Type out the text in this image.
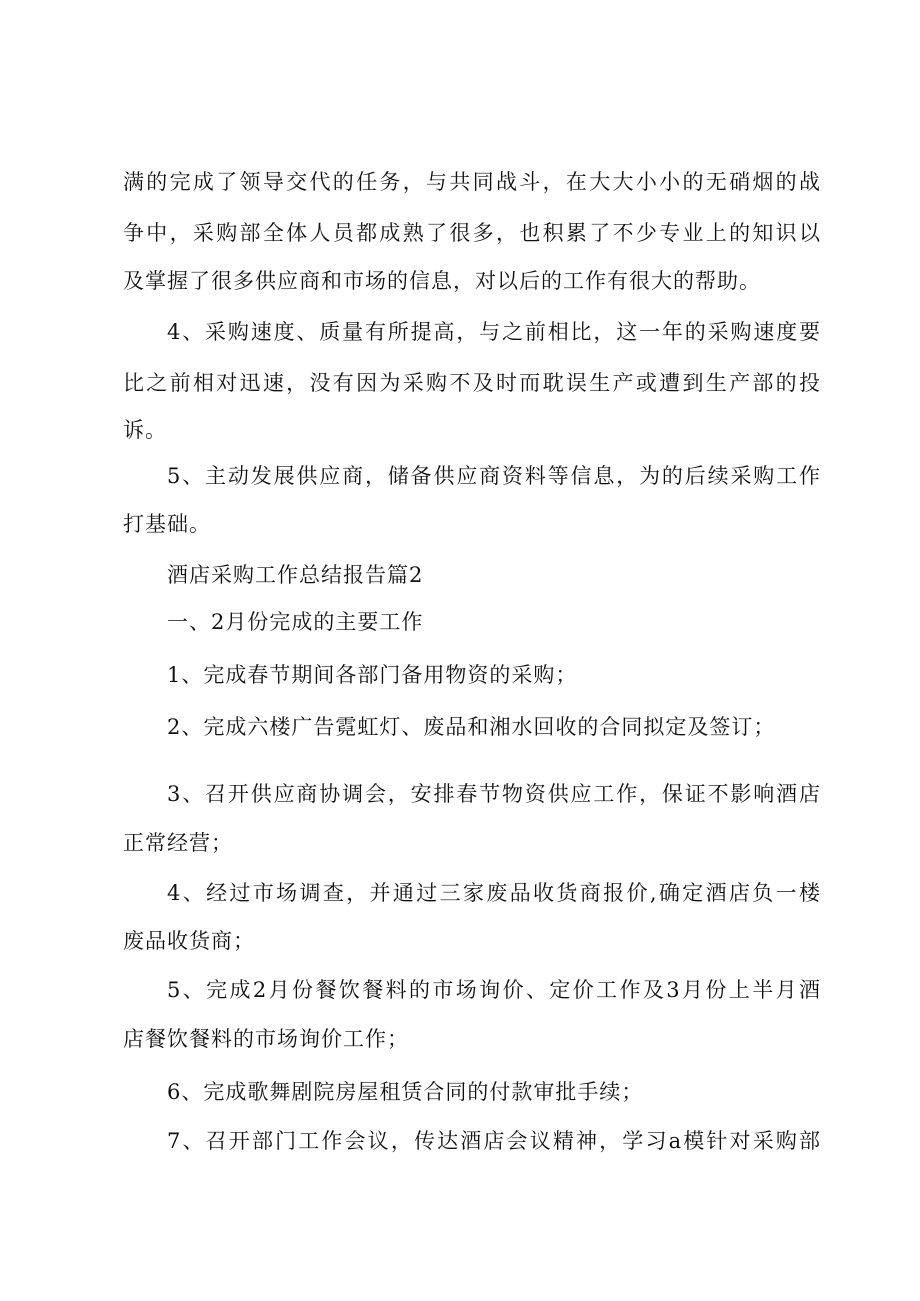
满的完成了领导交代的任务，与共同战斗，在大大小小的无硝烟的战
争中，采购部全体人员都成熟了很多，也积累了不少专业上的知识以
及掌握了很多供应商和市场的信息，对以后的工作有很大的帮助。
4、采购速度、质量有所提高，与之前相比，这一年的采购速度要
比之前相对迅速，没有因为采购不及时而耽误生产或遭到生产部的投
诉。
5、主动发展供应商，储备供应商资料等信息，为的后续采购工作
打基础。
酒店采购工作总结报告篇2
一、2月份完成的主要工作
1、完成春节期间各部门备用物资的采购；
2、完成六楼广告霓虹灯、废品和湘水回收的合同拟定及签订；
3、召开供应商协调会，安排春节物资供应工作，保证不影响酒店
正常经营；
4、经过市场调查，并通过三家废品收货商报价,确定酒店负一楼
废品收货商；
5、完成2月份餐饮餐料的市场询价、定价工作及3月份上半月酒
店餐饮餐料的市场询价工作；
6、完成歌舞剧院房屋租赁合同的付款审批手续；
7、召开部门工作会议，传达酒店会议精神，学习a模针对采购部
